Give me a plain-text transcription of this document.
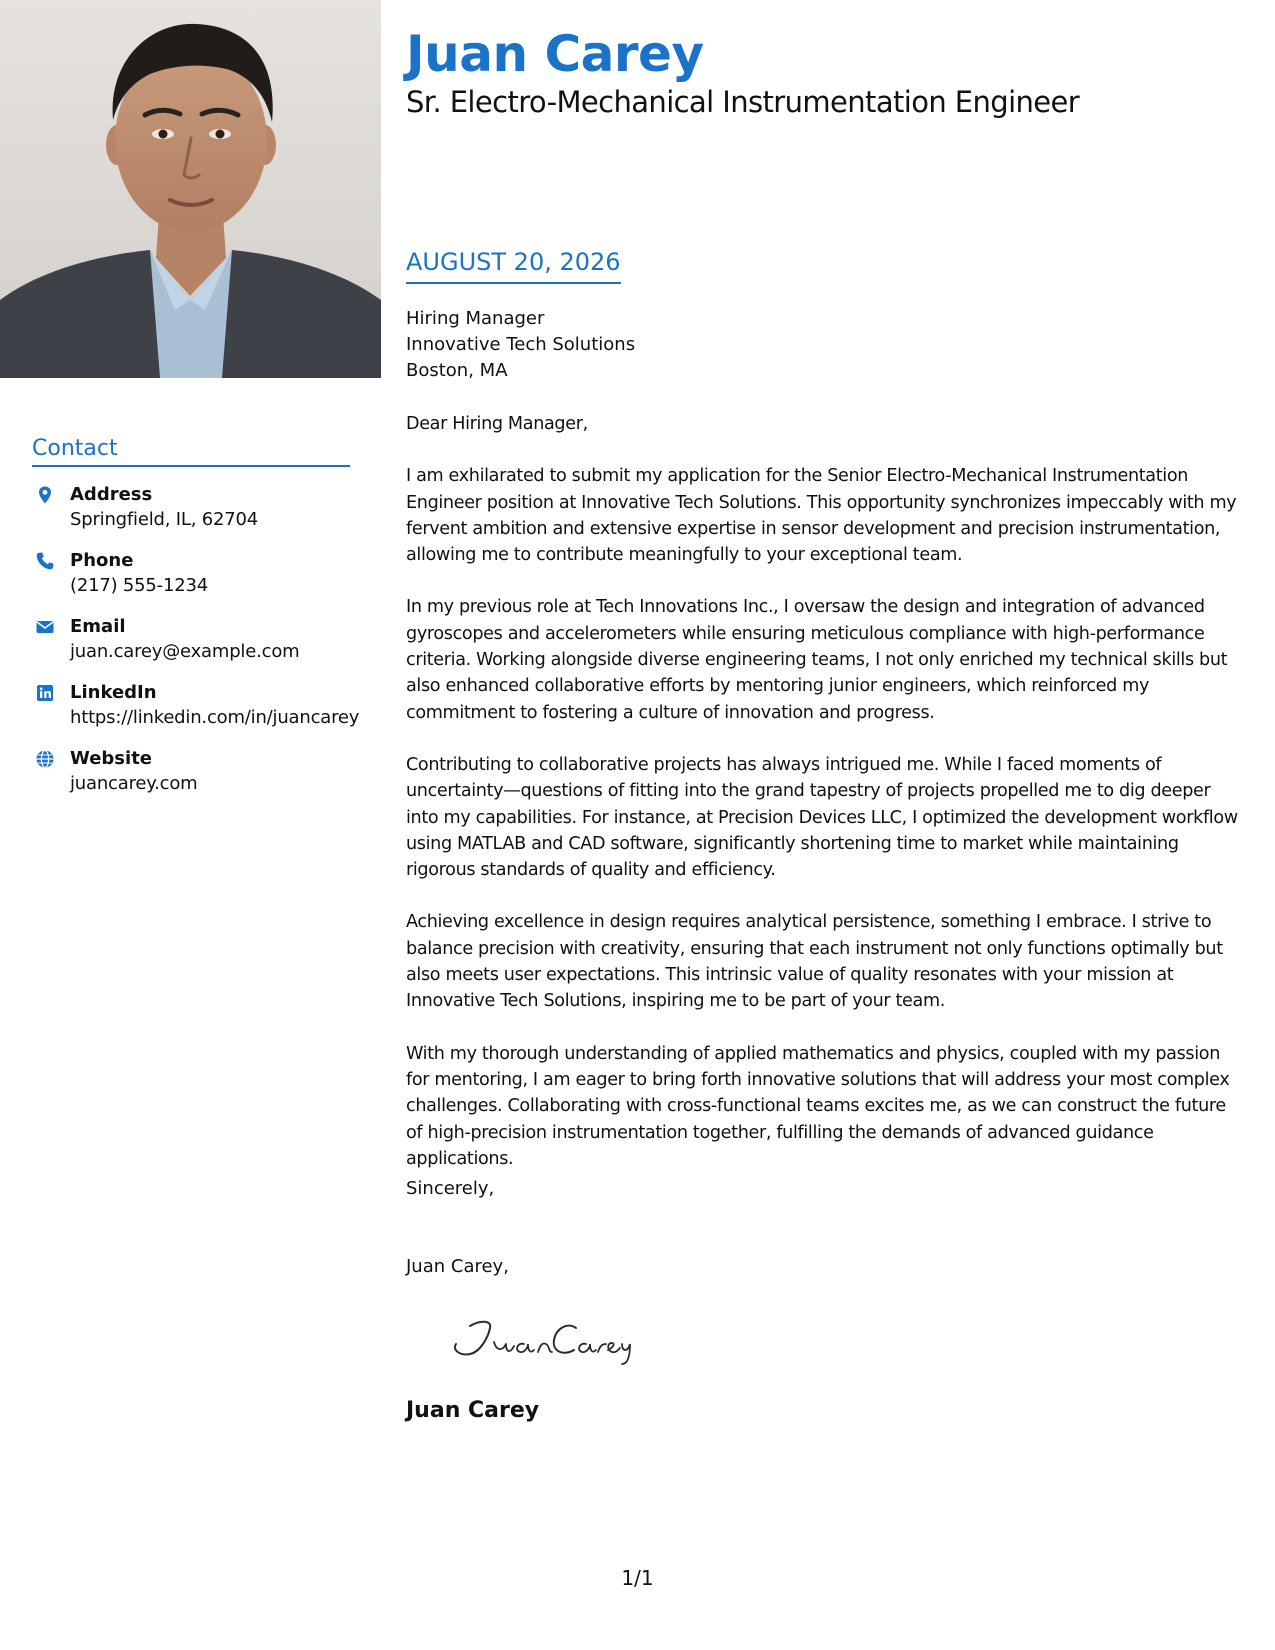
Contact
Address
Springfield, IL, 62704
Phone
(217) 555-1234
Email
juan.carey@example.com
LinkedIn
https://linkedin.com/in/juancarey
Website
juancarey.com
Juan Carey
Sr. Electro-Mechanical Instrumentation Engineer
AUGUST 20, 2026
Hiring Manager
Innovative Tech Solutions
Boston, MA

Dear Hiring Manager,

I am exhilarated to submit my application for the Senior Electro-Mechanical Instrumentation Engineer position at Innovative Tech Solutions. This opportunity synchronizes impeccably with my fervent ambition and extensive expertise in sensor development and precision instrumentation, allowing me to contribute meaningfully to your exceptional team.

In my previous role at Tech Innovations Inc., I oversaw the design and integration of advanced gyroscopes and accelerometers while ensuring meticulous compliance with high-performance criteria. Working alongside diverse engineering teams, I not only enriched my technical skills but also enhanced collaborative efforts by mentoring junior engineers, which reinforced my commitment to fostering a culture of innovation and progress.

Contributing to collaborative projects has always intrigued me. While I faced moments of uncertainty—questions of fitting into the grand tapestry of projects propelled me to dig deeper into my capabilities. For instance, at Precision Devices LLC, I optimized the development workflow using MATLAB and CAD software, significantly shortening time to market while maintaining rigorous standards of quality and efficiency.

Achieving excellence in design requires analytical persistence, something I embrace. I strive to balance precision with creativity, ensuring that each instrument not only functions optimally but also meets user expectations. This intrinsic value of quality resonates with your mission at Innovative Tech Solutions, inspiring me to be part of your team.

With my thorough understanding of applied mathematics and physics, coupled with my passion for mentoring, I am eager to bring forth innovative solutions that will address your most complex challenges. Collaborating with cross-functional teams excites me, as we can construct the future of high-precision instrumentation together, fulfilling the demands of advanced guidance applications.

Sincerely,
Juan Carey,
Juan Carey
1/1
